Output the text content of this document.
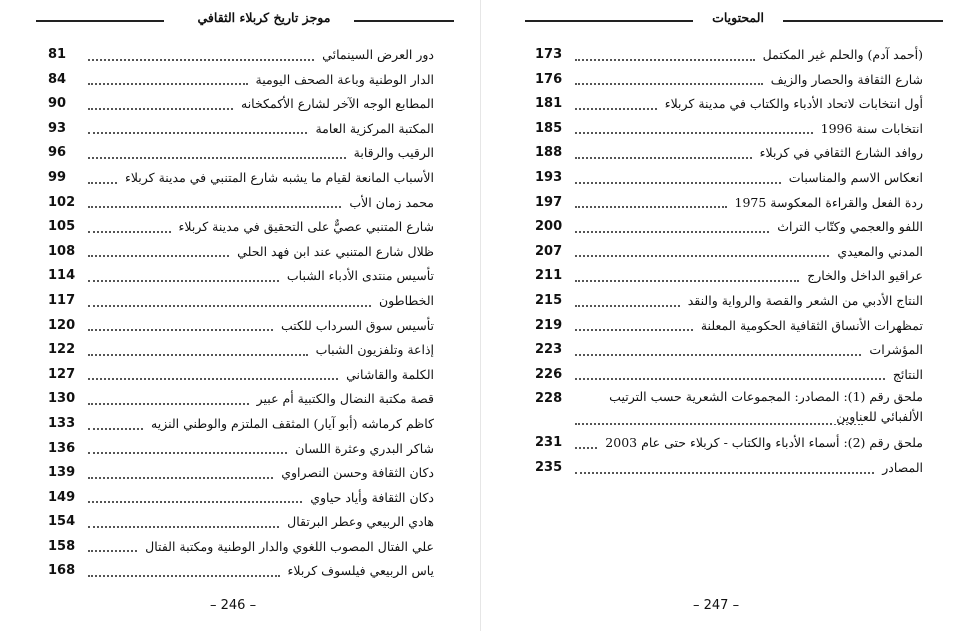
موجز تاريخ كربلاء الثقافي
81	دور العرض السينمائي
84	الدار الوطنية وباعة الصحف اليومية
90	المطابع الوجه الآخر لشارع الأكمكخانه
93	المكتبة المركزية العامة
96	الرقيب والرقابة
99	الأسباب المانعة لقيام ما يشبه شارع المتنبي في مدينة كربلاء
102	محمد زمان الأب
105	شارع المتنبي عصيٌّ على التحقيق في مدينة كربلاء
108	ظلال شارع المتنبي عند ابن فهد الحلي
114	تأسيس منتدى الأدباء الشباب
117	الخطاطون
120	تأسيس سوق السرداب للكتب
122	إذاعة وتلفزيون الشباب
127	الكلمة والقاشاني
130	قصة مكتبة النضال والكتبية أم عبير
133	كاظم كرماشه (أبو آيار) المثقف الملتزم والوطني النزيه
136	شاكر البدري وعثرة اللسان
139	دكان الثقافة وحسن النصراوي
149	دكان الثقافة وأياد حياوي
154	هادي الربيعي وعطر البرتقال
158	علي الفتال المصوب اللغوي والدار الوطنية ومكتبة الفتال
168	ياس الربيعي فيلسوف كربلاء
– 246 –
المحتويات
173	(أحمد آدم) والحلم غير المكتمل
176	شارع الثقافة والحصار والزيف
181	أول انتخابات لاتحاد الأدباء والكتاب في مدينة كربلاء
185	انتخابات سنة 1996
188	روافد الشارع الثقافي في كربلاء
193	انعكاس الاسم والمناسبات
197	ردة الفعل والقراءة المعكوسة 1975
200	اللفو والعجمي وكتّاب التراث
207	المدني والمعيدي
211	عراقيو الداخل والخارج
215	النتاج الأدبي من الشعر والقصة والرواية والنقد
219	تمظهرات الأنساق الثقافية الحكومية المعلنة
223	المؤشرات
226	النتائج
228	ملحق رقم (1): المصادر: المجموعات الشعرية حسب الترتيب الألفبائي للعناوين
231	ملحق رقم (2): أسماء الأدباء والكتاب - كربلاء حتى عام 2003
235	المصادر
– 247 –
